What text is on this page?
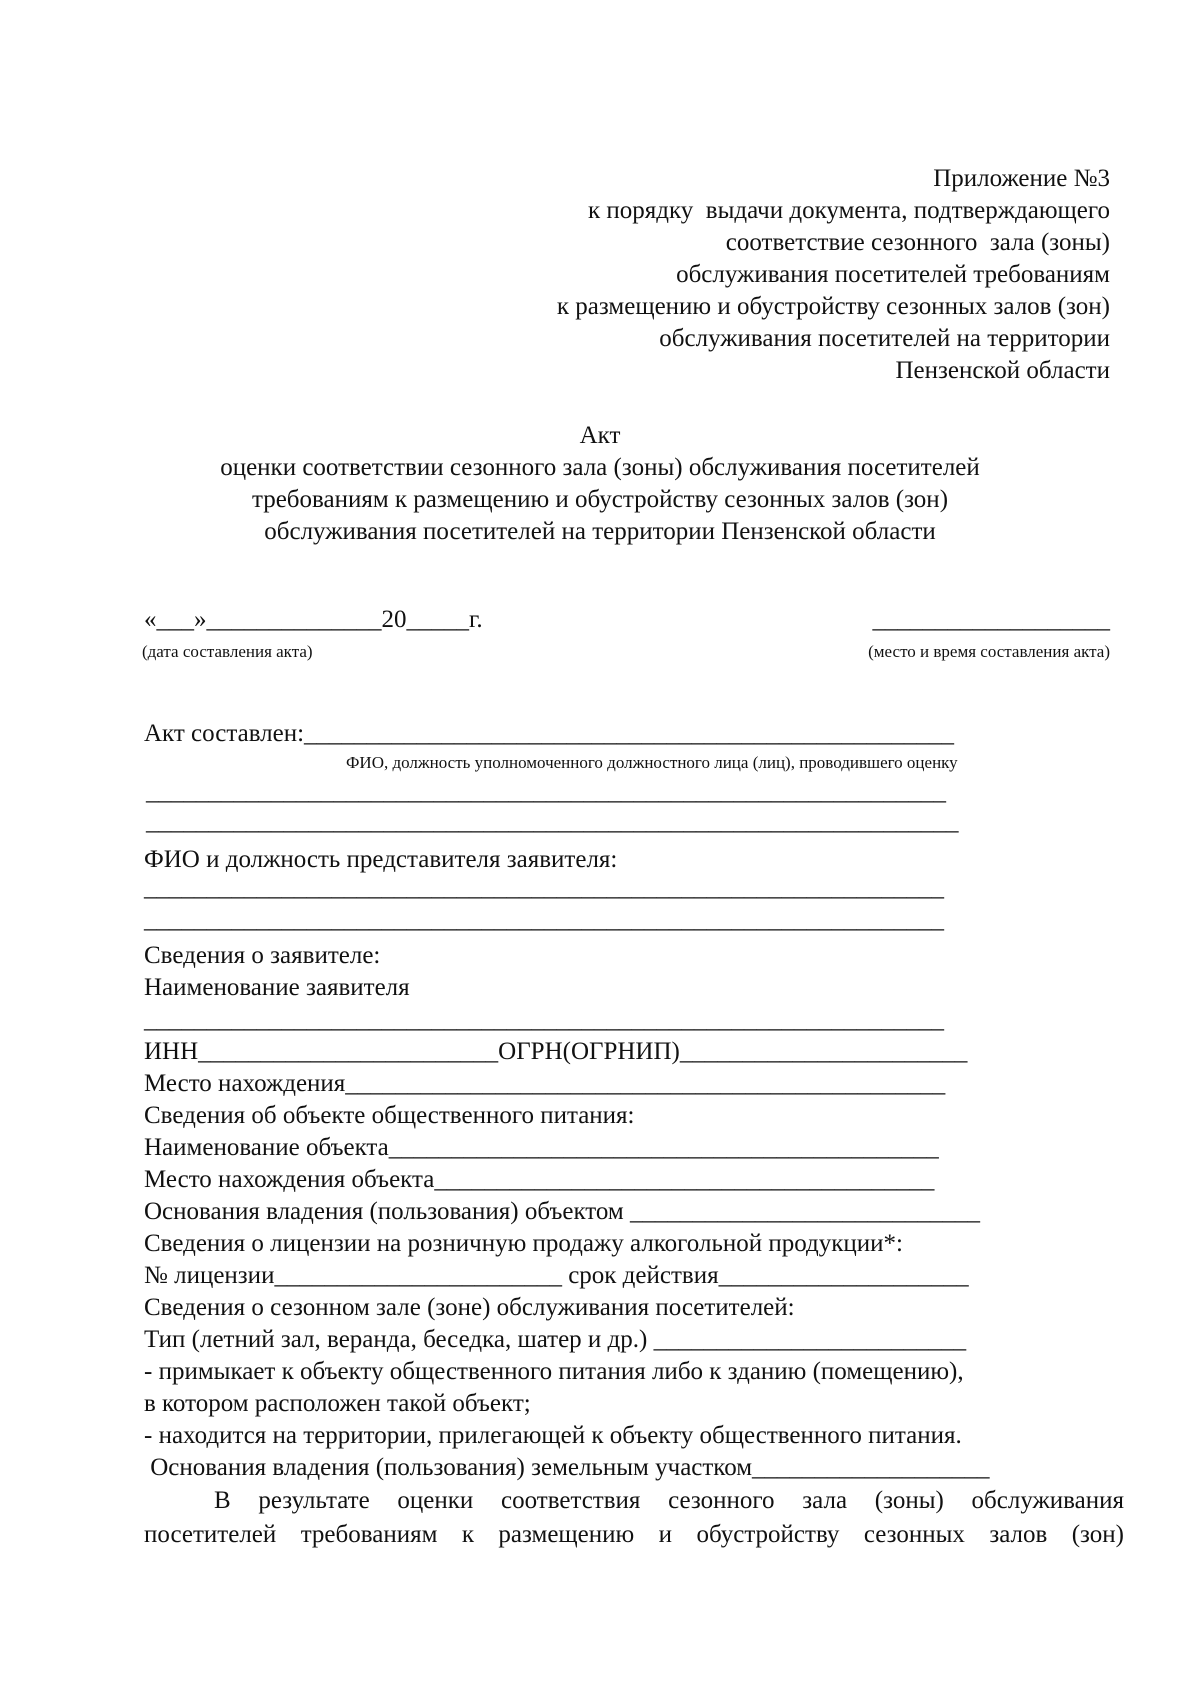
Приложение №3
к порядку  выдачи документа, подтверждающего
соответствие сезонного  зала (зоны)
обслуживания посетителей требованиям
к размещению и обустройству сезонных залов (зон)
обслуживания посетителей на территории
Пензенской области
Акт
оценки соответствии сезонного зала (зоны) обслуживания посетителей
требованиям к размещению и обустройству сезонных залов (зон)
обслуживания посетителей на территории Пензенской области
«___»______________20_____г.	___________________
(дата составления акта)	(место и время составления акта)
Акт составлен:____________________________________________________
ФИО, должность уполномоченного должностного лица (лиц), проводившего оценку
________________________________________________________________
_________________________________________________________________
ФИО и должность представителя заявителя:
________________________________________________________________
________________________________________________________________
Сведения о заявителе:
Наименование заявителя
________________________________________________________________
ИНН________________________ОГРН(ОГРНИП)_______________________
Место нахождения________________________________________________
Сведения об объекте общественного питания:
Наименование объекта____________________________________________
Место нахождения объекта________________________________________
Основания владения (пользования) объектом ____________________________
Сведения о лицензии на розничную продажу алкогольной продукции*:
№ лицензии_______________________ срок действия____________________
Сведения о сезонном зале (зоне) обслуживания посетителей:
Тип (летний зал, веранда, беседка, шатер и др.) _________________________
- примыкает к объекту общественного питания либо к зданию (помещению),
в котором расположен такой объект;
- находится на территории, прилегающей к объекту общественного питания.
Основания владения (пользования) земельным участком___________________
В результате оценки соответствия сезонного зала (зоны) обслуживания
посетителей требованиям к размещению и обустройству сезонных залов (зон)
